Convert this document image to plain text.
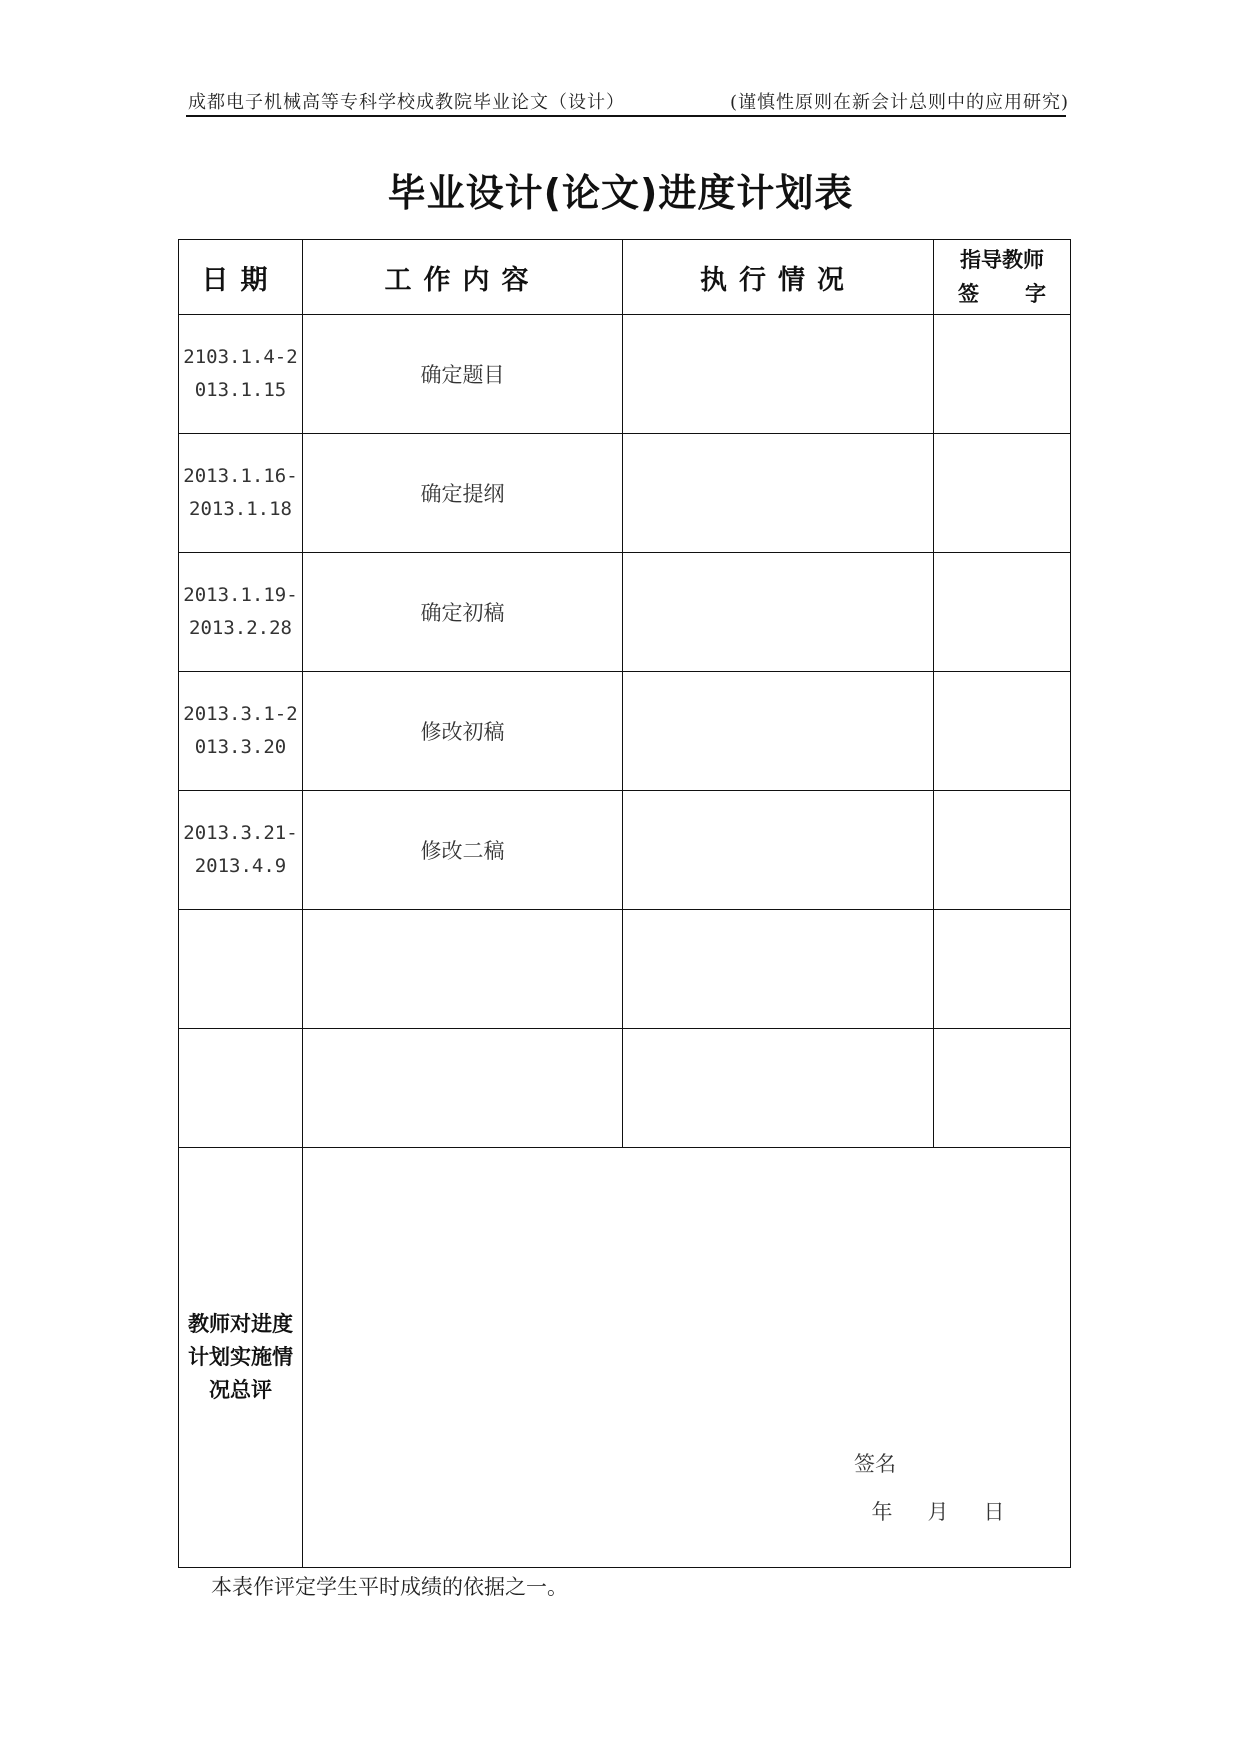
成都电子机械高等专科学校成教院毕业论文（设计）	(谨慎性原则在新会计总则中的应用研究)
毕业设计(论文)进度计划表
日期	工作内容	执行情况	指导教师
签 字

2103.1.4-2013.1.15	确定题目		
2013.1.16-2013.1.18	确定提纲		
2013.1.19-2013.2.28	确定初稿		
2013.3.1-2013.3.20	修改初稿		
2013.3.21-2013.4.9	修改二稿		

教师对进度计划实施情况总评	签名
年 月 日		
本表作评定学生平时成绩的依据之一。
